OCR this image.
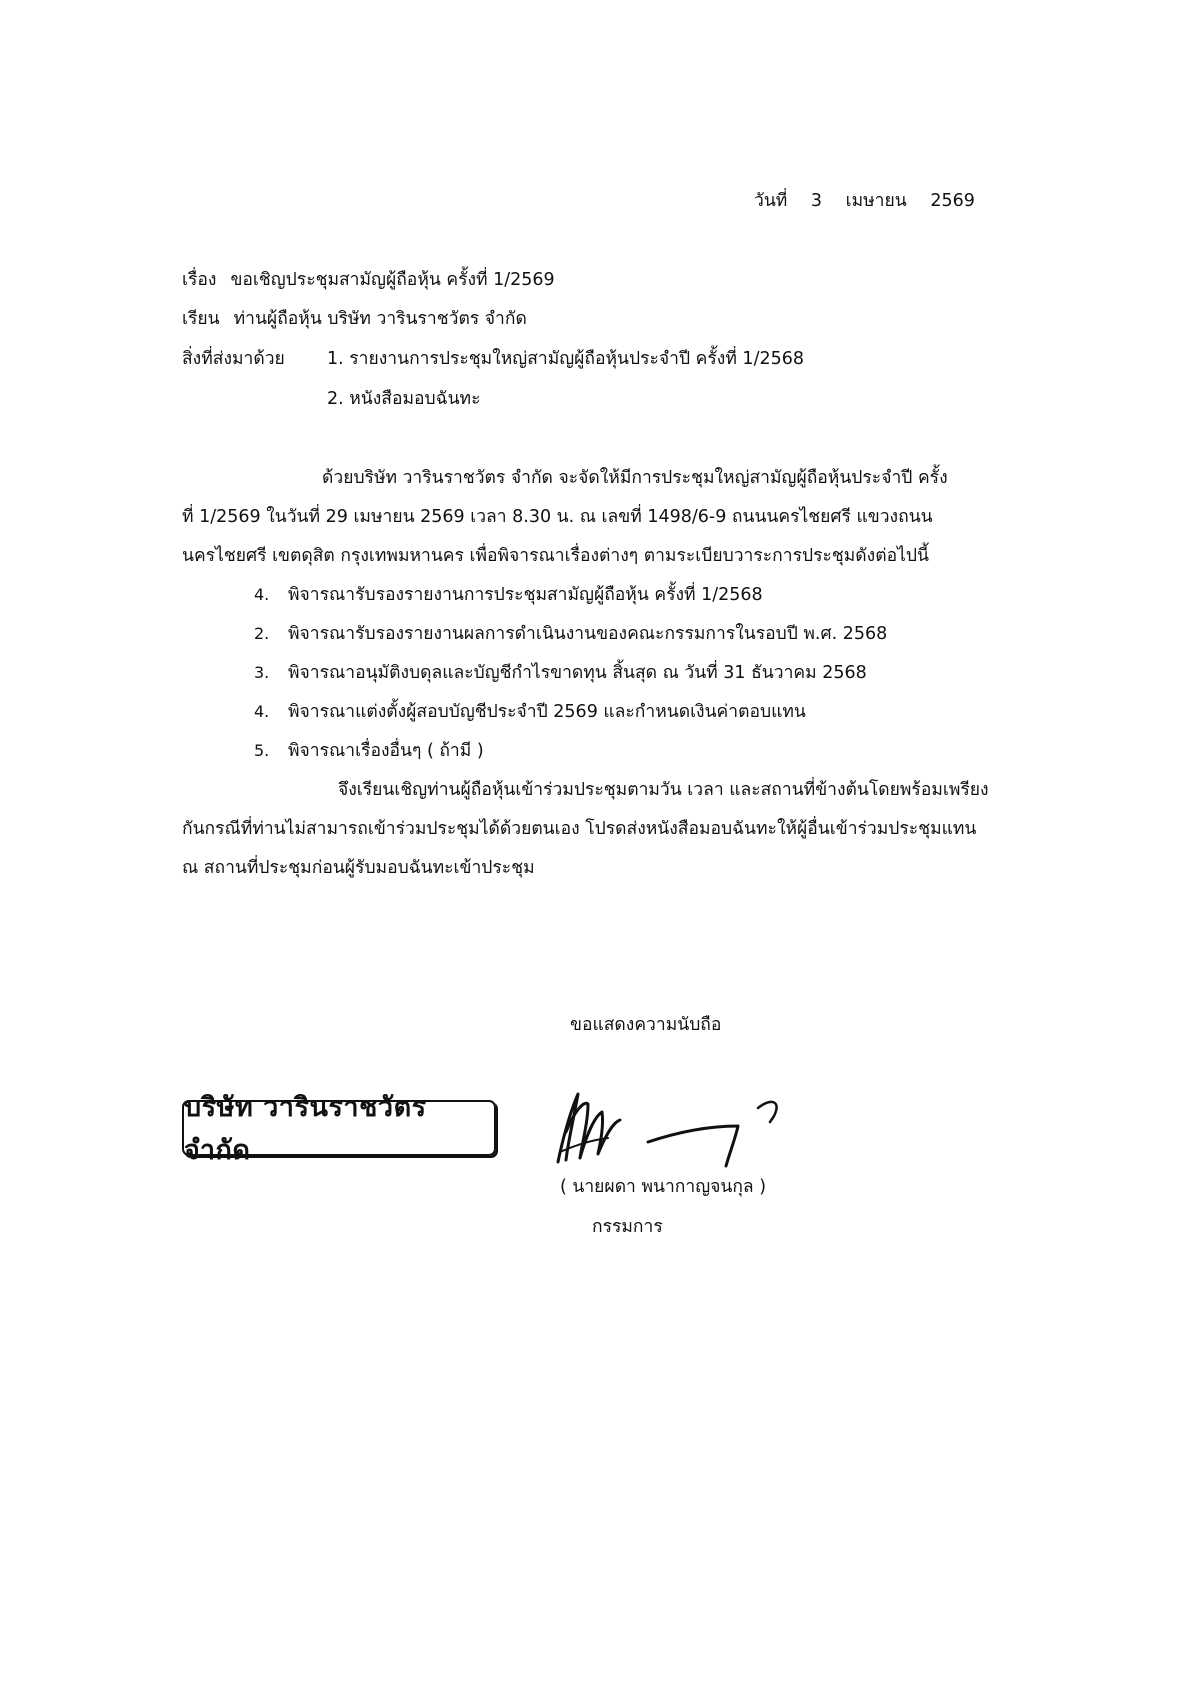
วันที่ 3 เมษายน 2569
เรื่อง ขอเชิญประชุมสามัญผู้ถือหุ้น ครั้งที่ 1/2569
เรียน ท่านผู้ถือหุ้น บริษัท วารินราชวัตร จำกัด
สิ่งที่ส่งมาด้วย 1. รายงานการประชุมใหญ่สามัญผู้ถือหุ้นประจำปี ครั้งที่ 1/2568
2. หนังสือมอบฉันทะ
ด้วยบริษัท วารินราชวัตร จำกัด จะจัดให้มีการประชุมใหญ่สามัญผู้ถือหุ้นประจำปี ครั้ง
ที่ 1/2569 ในวันที่ 29 เมษายน 2569 เวลา 8.30 น. ณ เลขที่ 1498/6-9 ถนนนครไชยศรี แขวงถนน
นครไชยศรี เขตดุสิต กรุงเทพมหานคร เพื่อพิจารณาเรื่องต่างๆ ตามระเบียบวาระการประชุมดังต่อไปนี้
4. พิจารณารับรองรายงานการประชุมสามัญผู้ถือหุ้น ครั้งที่ 1/2568
2. พิจารณารับรองรายงานผลการดำเนินงานของคณะกรรมการในรอบปี พ.ศ. 2568
3. พิจารณาอนุมัติงบดุลและบัญชีกำไรขาดทุน สิ้นสุด ณ วันที่ 31 ธันวาคม 2568
4. พิจารณาแต่งตั้งผู้สอบบัญชีประจำปี 2569 และกำหนดเงินค่าตอบแทน
5. พิจารณาเรื่องอื่นๆ ( ถ้ามี )
จึงเรียนเชิญท่านผู้ถือหุ้นเข้าร่วมประชุมตามวัน เวลา และสถานที่ข้างต้นโดยพร้อมเพรียง
กันกรณีที่ท่านไม่สามารถเข้าร่วมประชุมได้ด้วยตนเอง โปรดส่งหนังสือมอบฉันทะให้ผู้อื่นเข้าร่วมประชุมแทน
ณ สถานที่ประชุมก่อนผู้รับมอบฉันทะเข้าประชุม
ขอแสดงความนับถือ
บริษัท วารินราชวัตร จำกัด
( นายผดา พนากาญจนกุล )
กรรมการ
